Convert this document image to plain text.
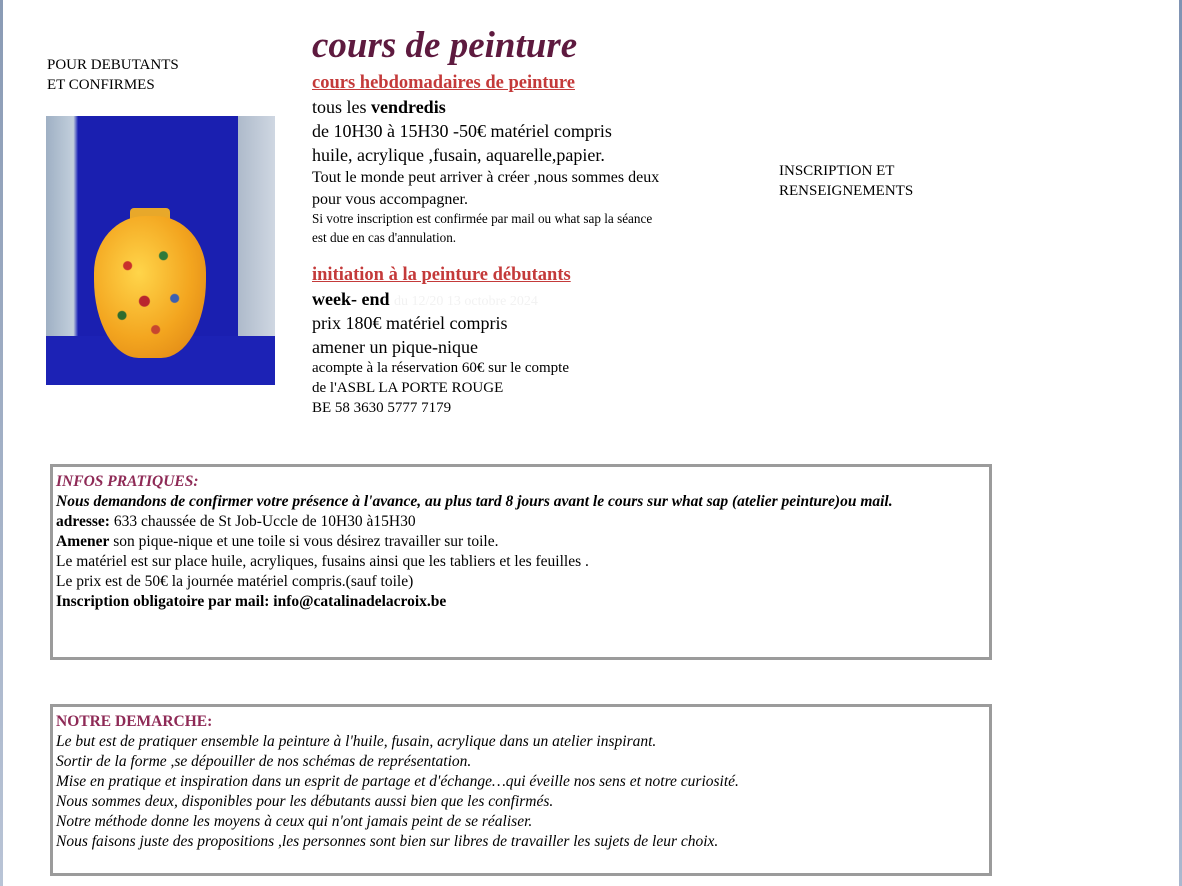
POUR DEBUTANTS
ET CONFIRMES
cours de peinture
cours hebdomadaires de peinture
tous les vendredis
de 10H30 à 15H30 -50€ matériel compris
huile, acrylique ,fusain, aquarelle,papier.
Tout le monde peut arriver à créer ,nous sommes deux
pour vous accompagner.
Si votre inscription est confirmée par mail ou what sap la séance
est due en cas d'annulation.
initiation à la peinture débutants
week- end du 12/20 13 octobre 2024
prix 180€ matériel compris
amener un pique-nique
acompte à la réservation 60€ sur le compte
de l'ASBL LA PORTE ROUGE
BE 58 3630 5777 7179
INSCRIPTION ET
RENSEIGNEMENTS
INFOS PRATIQUES:

Nous demandons de confirmer votre présence à l'avance, au plus tard 8 jours avant le cours sur what sap (atelier peinture)ou mail.

adresse: 633 chaussée de St Job-Uccle de 10H30 à15H30

Amener son pique-nique et une toile si vous désirez travailler sur toile.

Le matériel est sur place huile, acryliques, fusains ainsi que les tabliers et les feuilles .

Le prix est de 50€ la journée matériel compris.(sauf toile)

Inscription obligatoire par mail: info@catalinadelacroix.be

NOTRE DEMARCHE:

Le but est de pratiquer ensemble la peinture à l'huile, fusain, acrylique dans un atelier inspirant.

Sortir de la forme ,se dépouiller de nos schémas de représentation.

Mise en pratique et inspiration dans un esprit de partage et d'échange…qui éveille nos sens et notre curiosité.

Nous sommes deux, disponibles pour les débutants aussi bien que les confirmés.

Notre méthode donne les moyens à ceux qui n'ont jamais peint de se réaliser.

Nous faisons juste des propositions ,les personnes sont bien sur libres de travailler les sujets de leur choix.
